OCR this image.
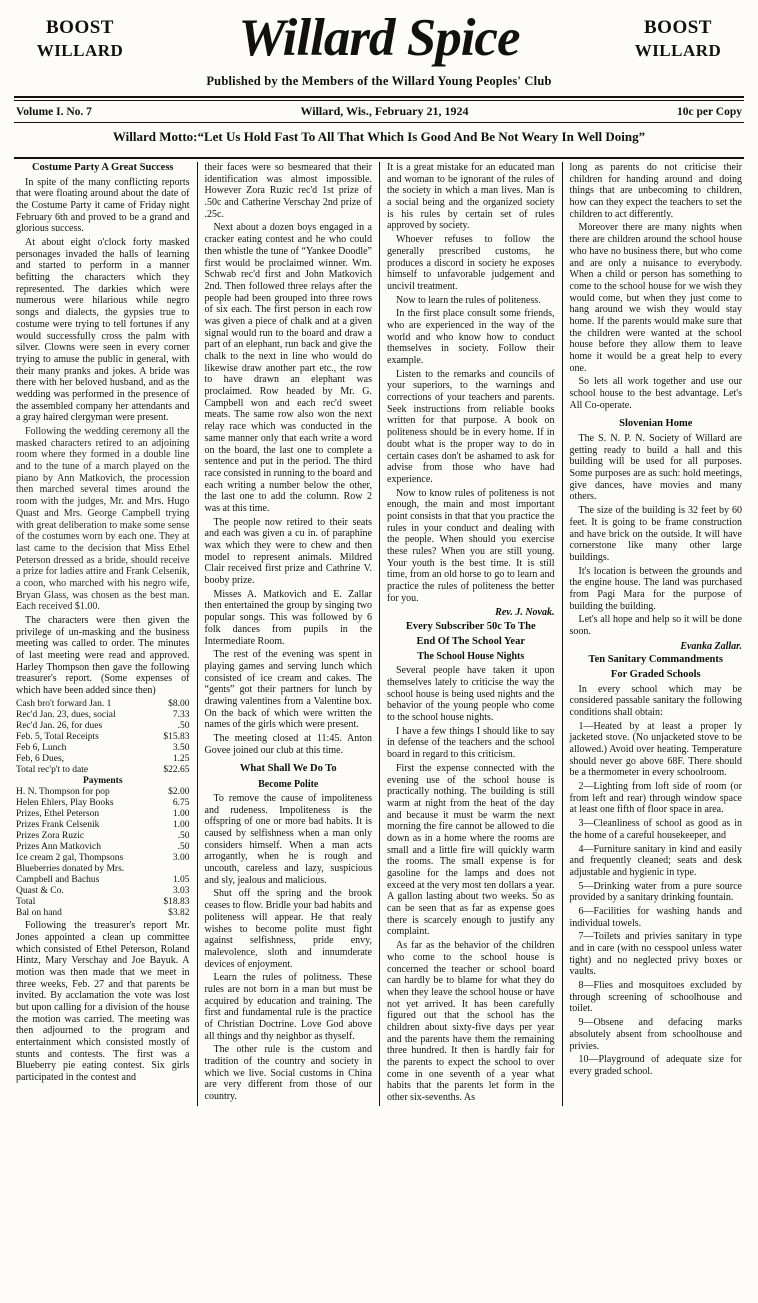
BOOST
WILLARD	Willard Spice	BOOST
WILLARD
Published by the Members of the Willard Young Peoples' Club
Volume I. No. 7	Willard, Wis., February 21, 1924	10c per Copy
Willard Motto:“Let Us Hold Fast To All That Which Is Good And Be Not Weary In Well Doing”
Costume Party A Great Success

In spite of the many conflicting reports that were floating around about the date of the Costume Party it came of Friday night February 6th and proved to be a grand and glorious success.

At about eight o'clock forty masked personages invaded the halls of learning and started to perform in a manner befitting the characters which they represented. The darkies which were numerous were hilarious while negro songs and dialects, the gypsies true to costume were trying to tell fortunes if any would successfully cross the palm with silver. Clowns were seen in every corner trying to amuse the public in general, with their many pranks and jokes. A bride was there with her beloved husband, and as the wedding was performed in the presence of the assembled company her attendants and a gray haired clergyman were present.

Following the wedding ceremony all the masked characters retired to an adjoining room where they formed in a double line and to the tune of a march played on the piano by Ann Matkovich, the procession then marched several times around the room with the judges, Mr. and Mrs. Hugo Quast and Mrs. George Campbell trying with great deliberation to make some sense of the costumes worn by each one. They at last came to the decision that Miss Ethel Peterson dressed as a bride, should receive a prize for ladies attire and Frank Celsenik, a coon, who marched with his negro wife, Bryan Glass, was chosen as the best man. Each received $1.00.

The characters were then given the privilege of un-masking and the business meeting was called to order. The minutes of last meeting were read and approved. Harley Thompson then gave the following treasurer's report. (Some expenses of which have been added since then)

Cash bro't forward Jan. 1	$8.00
Rec'd Jan. 23, dues, social	7.33
Rec'd Jan. 26, for dues	.50
Feb. 5, Total Receipts	$15.83
Feb 6, Lunch	3.50
Feb, 6 Dues,	1.25
Total rec'p't to date	$22.65
Payments
H. N. Thompson for pop	$2.00
Helen Ehlers, Play Books	6.75
Prizes, Ethel Peterson	1.00
Prizes Frank Celsenik	1.00
Prizes Zora Ruzic	.50
Prizes Ann Matkovich	.50
Ice cream 2 gal, Thompsons	3.00
Blueberries donated by Mrs.
Campbell and Bachus	1.05
Quast & Co.	3.03
Total	$18.83
Bal on hand	$3.82

Following the treasurer's report Mr. Jones appointed a clean up committee which consisted of Ethel Peterson, Roland Hintz, Mary Verschay and Joe Bayuk. A motion was then made that we meet in three weeks, Feb. 27 and that parents be invited. By acclamation the vote was lost but upon calling for a division of the house the motion was carried. The meeting was then adjourned to the program and entertainment which consisted mostly of stunts and contests. The first was a Blueberry pie eating contest. Six girls participated in the contest and

their faces were so besmeared that their identification was almost impossible. However Zora Ruzic rec'd 1st prize of .50c and Catherine Verschay 2nd prize of .25c.

Next about a dozen boys engaged in a cracker eating contest and he who could then whistle the tune of “Yankee Doodle” first would be proclaimed winner. Wm. Schwab rec'd first and John Matkovich 2nd. Then followed three relays after the people had been grouped into three rows of six each. The first person in each row was given a piece of chalk and at a given signal would run to the board and draw a part of an elephant, run back and give the chalk to the next in line who would do likewise draw another part etc., the row to have drawn an elephant was proclaimed. Row headed by Mr. G. Campbell won and each rec'd sweet meats. The same row also won the next relay race which was conducted in the same manner only that each write a word on the board, the last one to complete a sentence and put in the period. The third race consisted in running to the board and each writing a number below the other, the last one to add the column. Row 2 was at this time.

The people now retired to their seats and each was given a cu in. of paraphine wax which they were to chew and then model to represent animals. Mildred Clair received first prize and Cathrine V. booby prize.

Misses A. Matkovich and E. Zallar then entertained the group by singing two popular songs. This was followed by 6 folk dances from pupils in the Intermediate Room.

The rest of the evening was spent in playing games and serving lunch which consisted of ice cream and cakes. The “gents” got their partners for lunch by drawing valentines from a Valentine box. On the back of which were written the names of the girls which were present.

The meeting closed at 11:45. Anton Govee joined our club at this time.

What Shall We Do To
Become Polite

To remove the cause of impoliteness and rudeness. Impoliteness is the offspring of one or more bad habits. It is caused by selfishness when a man only considers himself. When a man acts arrogantly, when he is rough and uncouth, careless and lazy, suspicious and sly, jealous and malicious.

Shut off the spring and the brook ceases to flow. Bridle your bad habits and politeness will appear. He that realy wishes to become polite must fight against selfishness, pride envy, malevolence, sloth and innumderate devices of enjoyment.

Learn the rules of politness. These rules are not born in a man but must be acquired by education and training. The first and fundamental rule is the practice of Christian Doctrine. Love God above all things and thy neighbor as thyself.

The other rule is the custom and tradition of the country and society in which we live. Social customs in China are very different from those of our country.

It is a great mistake for an educated man and woman to be ignorant of the rules of the society in which a man lives. Man is a social being and the organized society is his rules by certain set of rules approved by society.

Whoever refuses to follow the generally prescribed customs, he produces a discord in society he exposes himself to unfavorable judgement and uncivil treatment.

Now to learn the rules of politeness.

In the first place consult some friends, who are experienced in the way of the world and who know how to conduct themselves in society. Follow their example.

Listen to the remarks and councils of your superiors, to the warnings and corrections of your teachers and parents. Seek instructions from reliable books written for that purpose. A book on politeness should be in every home. If in doubt what is the proper way to do in certain cases don't be ashamed to ask for advise from those who have had experience.

Now to know rules of politeness is not enough, the main and most important point consists in that that you practice the rules in your conduct and dealing with the people. When should you exercise these rules? When you are still young. Your youth is the best time. It is still time, from an old horse to go to learn and practice the rules of politeness the better for you.

Rev. J. Novak.

Every Subscriber 50c To The
End Of The School Year
The School House Nights

Several people have taken it upon themselves lately to criticise the way the school house is being used nights and the behavior of the young people who come to the school house nights.

I have a few things I should like to say in defense of the teachers and the school board in regard to this criticism.

First the expense connected with the evening use of the school house is practically nothing. The building is still warm at night from the heat of the day and because it must be warm the next morning the fire cannot be allowed to die down as in a home where the rooms are small and a little fire will quickly warm the rooms. The small expense is for gasoline for the lamps and does not exceed at the very most ten dollars a year. A gallon lasting about two weeks. So as can be seen that as far as expense goes there is scarcely enough to justify any complaint.

As far as the behavior of the children who come to the school house is concerned the teacher or school board can hardly be to blame for what they do when they leave the school house or have not yet arrived. It has been carefully figured out that the school has the children about sixty-five days per year and the parents have them the remaining three hundred. It then is hardly fair for the parents to expect the school to over come in one seventh of a year what habits that the parents let form in the other six-sevenths. As

long as parents do not criticise their children for handing around and doing things that are unbecoming to children, how can they expect the teachers to set the children to act differently.

Moreover there are many nights when there are children around the school house who have no business there, but who come and are only a nuisance to everybody. When a child or person has something to come to the school house for we wish they would come, but when they just come to hang around we wish they would stay home. If the parents would make sure that the children were wanted at the school house before they allow them to leave home it would be a great help to every one.

So lets all work together and use our school house to the best advantage. Let's All Co-operate.

Slovenian Home

The S. N. P. N. Society of Willard are getting ready to build a hall and this building will be used for all purposes. Some purposes are as such: hold meetings, give dances, have movies and many others.

The size of the building is 32 feet by 60 feet. It is going to be frame construction and have brick on the outside. It will have cornerstone like many other large buildings.

It's location is between the grounds and the engine house. The land was purchased from Pagi Mara for the purpose of building the building.

Let's all hope and help so it will be done soon.

Evanka Zallar.

Ten Sanitary Commandments
For Graded Schools

In every school which may be considered passable sanitary the following conditions shall obtain:

1—Heated by at least a proper ly jacketed stove. (No unjacketed stove to be allowed.) Avoid over heating. Temperature should never go above 68F. There should be a thermometer in every schoolroom.
2—Lighting from loft side of room (or from left and rear) through window space at least one fifth of floor space in area.
3—Cleanliness of school as good as in the home of a careful housekeeper, and
4—Furniture sanitary in kind and easily and frequently cleaned; seats and desk adjustable and hygienic in type.
5—Drinking water from a pure source provided by a sanitary drinking fountain.
6—Facilities for washing hands and individual towels.
7—Toilets and privies sanitary in type and in care (with no cesspool unless water tight) and no neglected privy boxes or vaults.
8—Flies and mosquitoes excluded by through screening of schoolhouse and toilet.
9—Obsene and defacing marks absolutely absent from schoolhouse and privies.
10—Playground of adequate size for every graded school.
